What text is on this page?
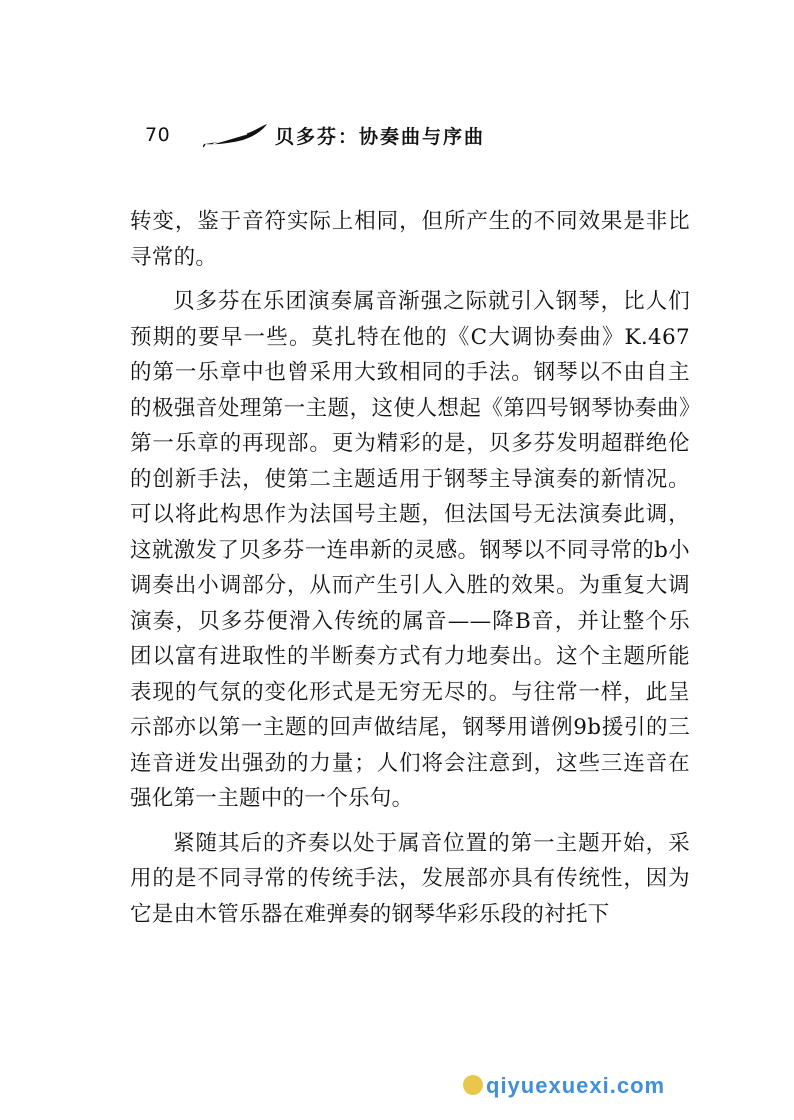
70	贝多芬：协奏曲与序曲

转变，鉴于音符实际上相同，但所产生的不同效果是非比寻常的。

贝多芬在乐团演奏属音渐强之际就引入钢琴，比人们预期的要早一些。莫扎特在他的《C大调协奏曲》K.467的第一乐章中也曾采用大致相同的手法。钢琴以不由自主的极强音处理第一主题，这使人想起《第四号钢琴协奏曲》第一乐章的再现部。更为精彩的是，贝多芬发明超群绝伦的创新手法，使第二主题适用于钢琴主导演奏的新情况。可以将此构思作为法国号主题，但法国号无法演奏此调，这就激发了贝多芬一连串新的灵感。钢琴以不同寻常的b小调奏出小调部分，从而产生引人入胜的效果。为重复大调演奏，贝多芬便滑入传统的属音——降B音，并让整个乐团以富有进取性的半断奏方式有力地奏出。这个主题所能表现的气氛的变化形式是无穷无尽的。与往常一样，此呈示部亦以第一主题的回声做结尾，钢琴用谱例9b援引的三连音迸发出强劲的力量；人们将会注意到，这些三连音在强化第一主题中的一个乐句。

紧随其后的齐奏以处于属音位置的第一主题开始，采用的是不同寻常的传统手法，发展部亦具有传统性，因为它是由木管乐器在难弹奏的钢琴华彩乐段的衬托下

qiyuexuexi.com
